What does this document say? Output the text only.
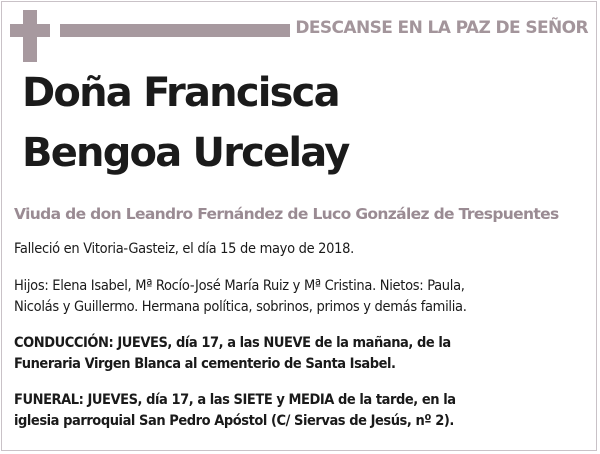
DESCANSE EN LA PAZ DE SEÑOR
Doña Francisca
Bengoa Urcelay
Viuda de don Leandro Fernández de Luco González de Trespuentes
Falleció en Vitoria-Gasteiz, el día 15 de mayo de 2018.
Hijos: Elena Isabel, Mª Rocío-José María Ruiz y Mª Cristina. Nietos: Paula,
Nicolás y Guillermo. Hermana política, sobrinos, primos y demás familia.
CONDUCCIÓN: JUEVES, día 17, a las NUEVE de la mañana, de la
Funeraria Virgen Blanca al cementerio de Santa Isabel.
FUNERAL: JUEVES, día 17, a las SIETE y MEDIA de la tarde, en la
iglesia parroquial San Pedro Apóstol (C/ Siervas de Jesús, nº 2).
